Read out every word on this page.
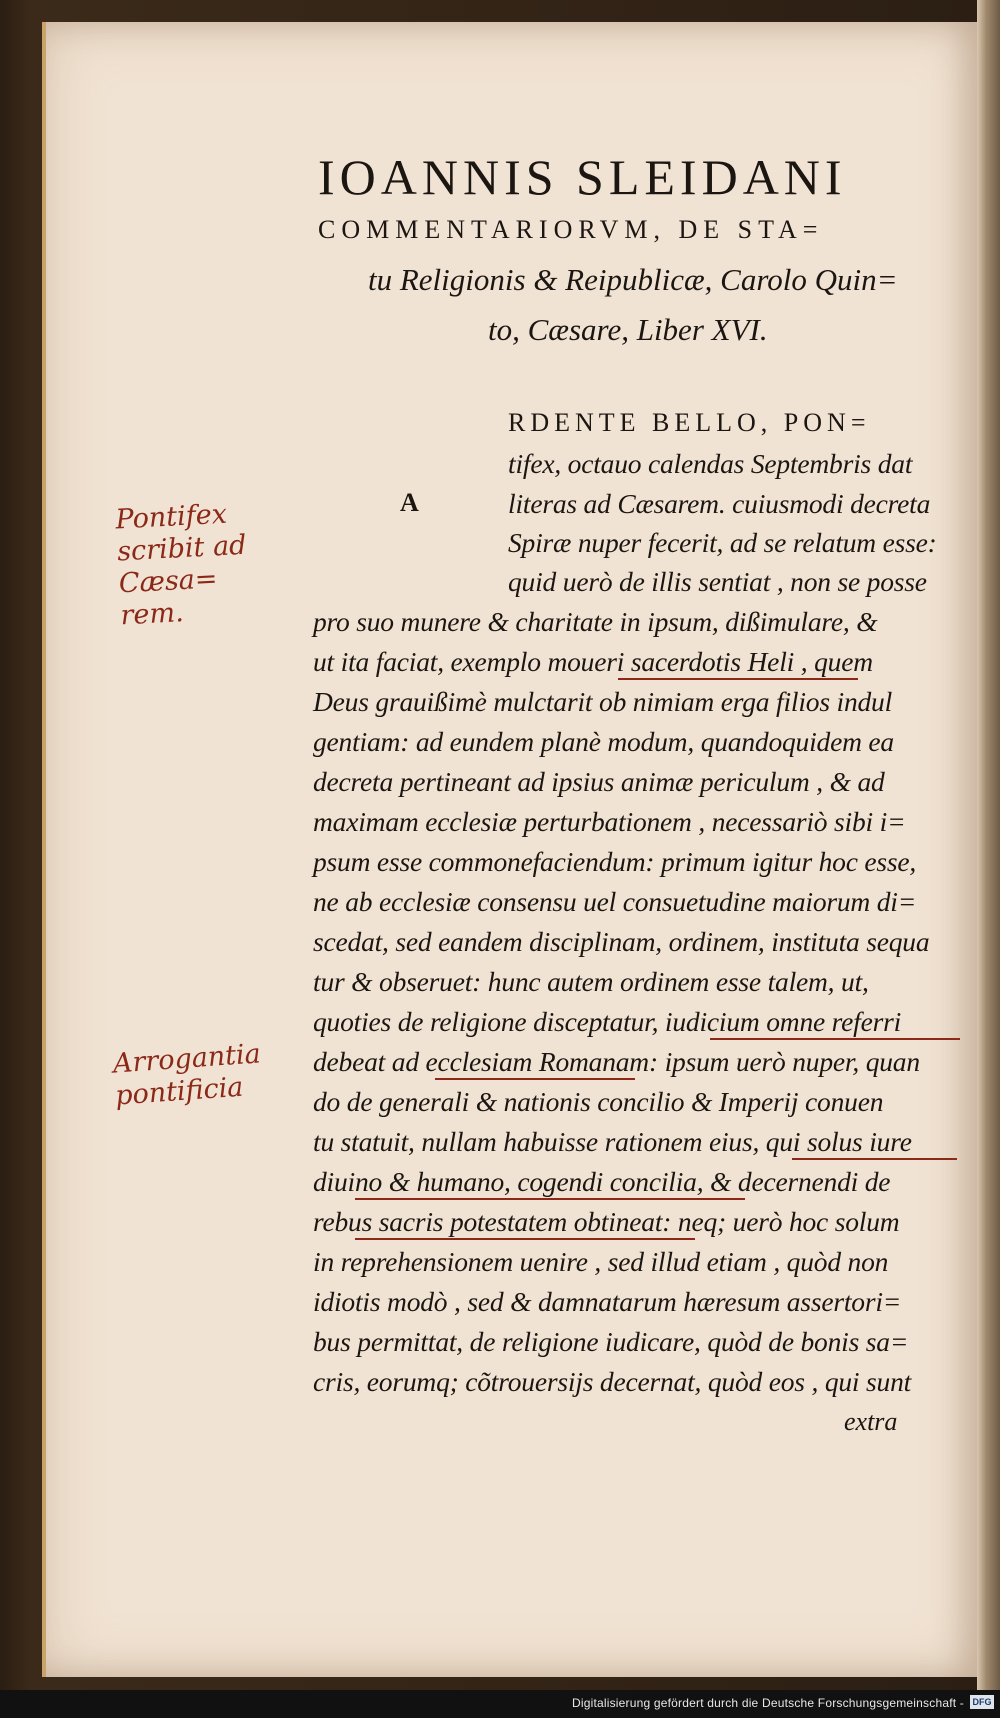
IOANNIS SLEIDANI
COMMENTARIORVM, DE STA=
tu Religionis & Reipublicæ, Carolo Quin=
to, Cæsare, Liber XVI.
RDENTE BELLO, PON=
A
Pontifex scribit ad Cæsa= rem.
Arrogantia pontificia
tifex, octauo calendas Septembris dat
literas ad Cæsarem. cuiusmodi decreta
Spiræ nuper fecerit, ad se relatum esse:
quid uerò de illis sentiat , non se posse
pro suo munere & charitate in ipsum, dißimulare, &
ut ita faciat, exemplo moueri sacerdotis Heli , quem
Deus grauißimè mulctarit ob nimiam erga filios indul
gentiam: ad eundem planè modum, quandoquidem ea
decreta pertineant ad ipsius animæ periculum , & ad
maximam ecclesiæ perturbationem , necessariò sibi i=
psum esse commonefaciendum: primum igitur hoc esse,
ne ab ecclesiæ consensu uel consuetudine maiorum di=
scedat, sed eandem disciplinam, ordinem, instituta sequa
tur & obseruet: hunc autem ordinem esse talem, ut,
quoties de religione disceptatur, iudicium omne referri
debeat ad ecclesiam Romanam: ipsum uerò nuper, quan
do de generali & nationis concilio & Imperij conuen
tu statuit, nullam habuisse rationem eius, qui solus iure
diuino & humano, cogendi concilia, & decernendi de
rebus sacris potestatem obtineat: neq; uerò hoc solum
in reprehensionem uenire , sed illud etiam , quòd non
idiotis modò , sed & damnatarum hæresum assertori=
bus permittat, de religione iudicare, quòd de bonis sa=
cris, eorumq; cõtrouersijs decernat, quòd eos , qui sunt
extra
Digitalisierung gefördert durch die Deutsche Forschungsgemeinschaft - DFG
